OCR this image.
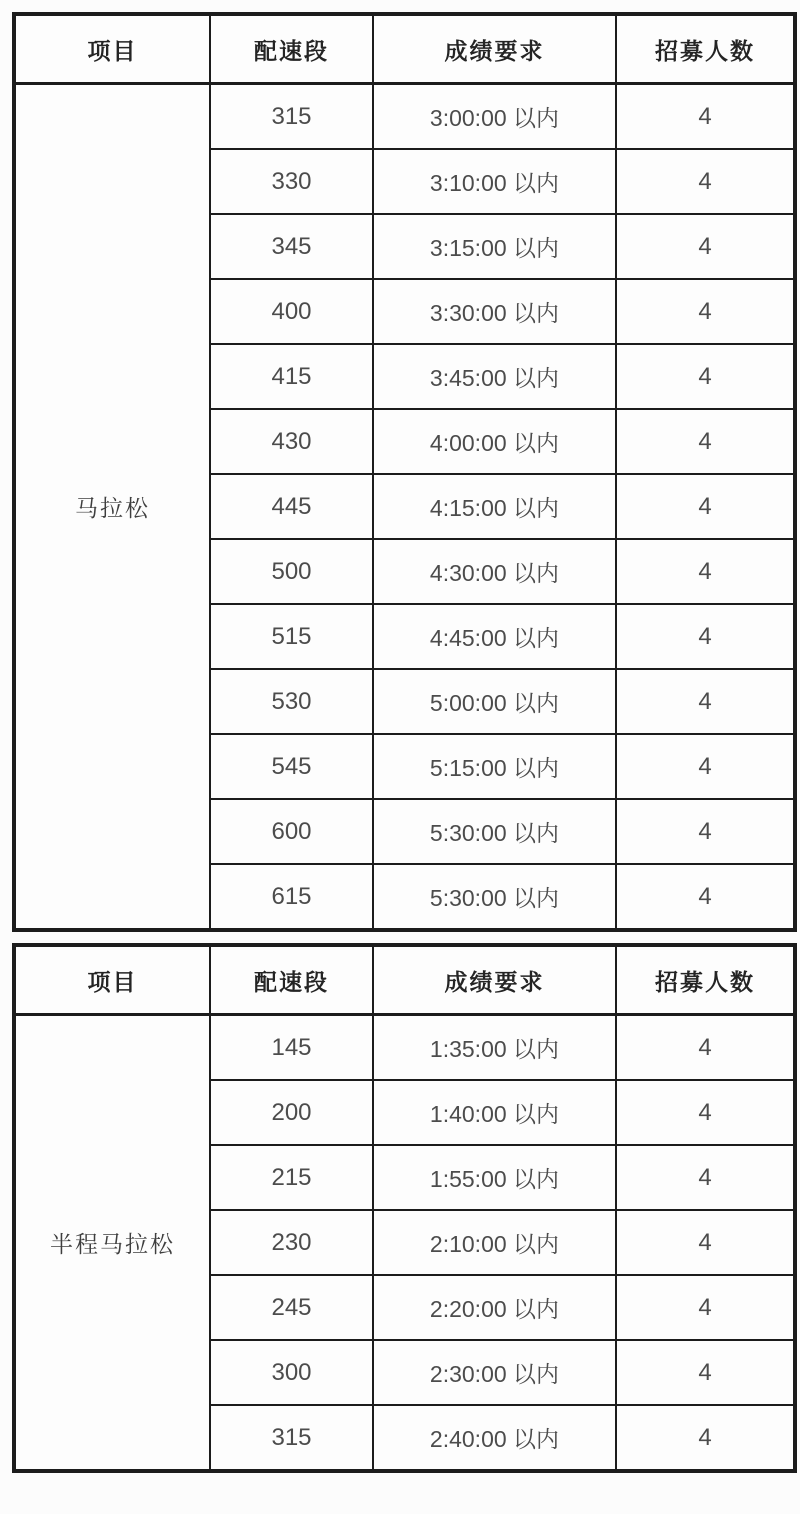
项目	配速段	成绩要求	招募人数
马拉松	315	3:00:00 以内	4
	330	3:10:00 以内	4
	345	3:15:00 以内	4
	400	3:30:00 以内	4
	415	3:45:00 以内	4
	430	4:00:00 以内	4
	445	4:15:00 以内	4
	500	4:30:00 以内	4
	515	4:45:00 以内	4
	530	5:00:00 以内	4
	545	5:15:00 以内	4
	600	5:30:00 以内	4
	615	5:30:00 以内	4
项目	配速段	成绩要求	招募人数
半程马拉松	145	1:35:00 以内	4
	200	1:40:00 以内	4
	215	1:55:00 以内	4
	230	2:10:00 以内	4
	245	2:20:00 以内	4
	300	2:30:00 以内	4
	315	2:40:00 以内	4
